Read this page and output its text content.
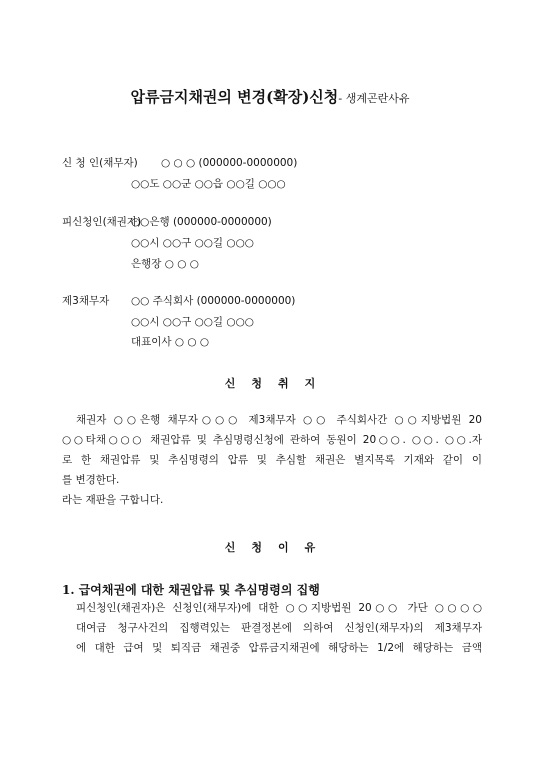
압류금지채권의 변경(확장)신청- 생계곤란사유
신 청 인(채무자) ○ ○ ○ (000000-0000000)
○○도 ○○군 ○○읍 ○○길 ○○○
피신청인(채권자)
○○은행 (000000-0000000)
○○시 ○○구 ○○길 ○○○
은행장 ○ ○ ○
제3채무자 ○○ 주식회사 (000000-0000000)
○○시 ○○구 ○○길 ○○○
대표이사 ○ ○ ○
신청취지
채권자 ○○은행 채무자○○○ 제3채무자 ○○ 주식회사간 ○○지방법원 20
○○타채○○○ 채권압류 및 추심명령신청에 관하여 동원이 20○○. ○○. ○○.자
로 한 채권압류 및 추심명령의 압류 및 추심할 채권은 별지목록 기재와 같이 이
를 변경한다.
라는 재판을 구합니다.
신청이유
1. 급여채권에 대한 채권압류 및 추심명령의 집행
피신청인(채권자)은 신청인(채무자)에 대한 ○○지방법원 20○○ 가단 ○○○○
대여금 청구사건의 집행력있는 판결정본에 의하여 신청인(채무자)의 제3채무자
에 대한 급여 및 퇴직금 채권중 압류금지채권에 해당하는 1/2에 해당하는 금액
